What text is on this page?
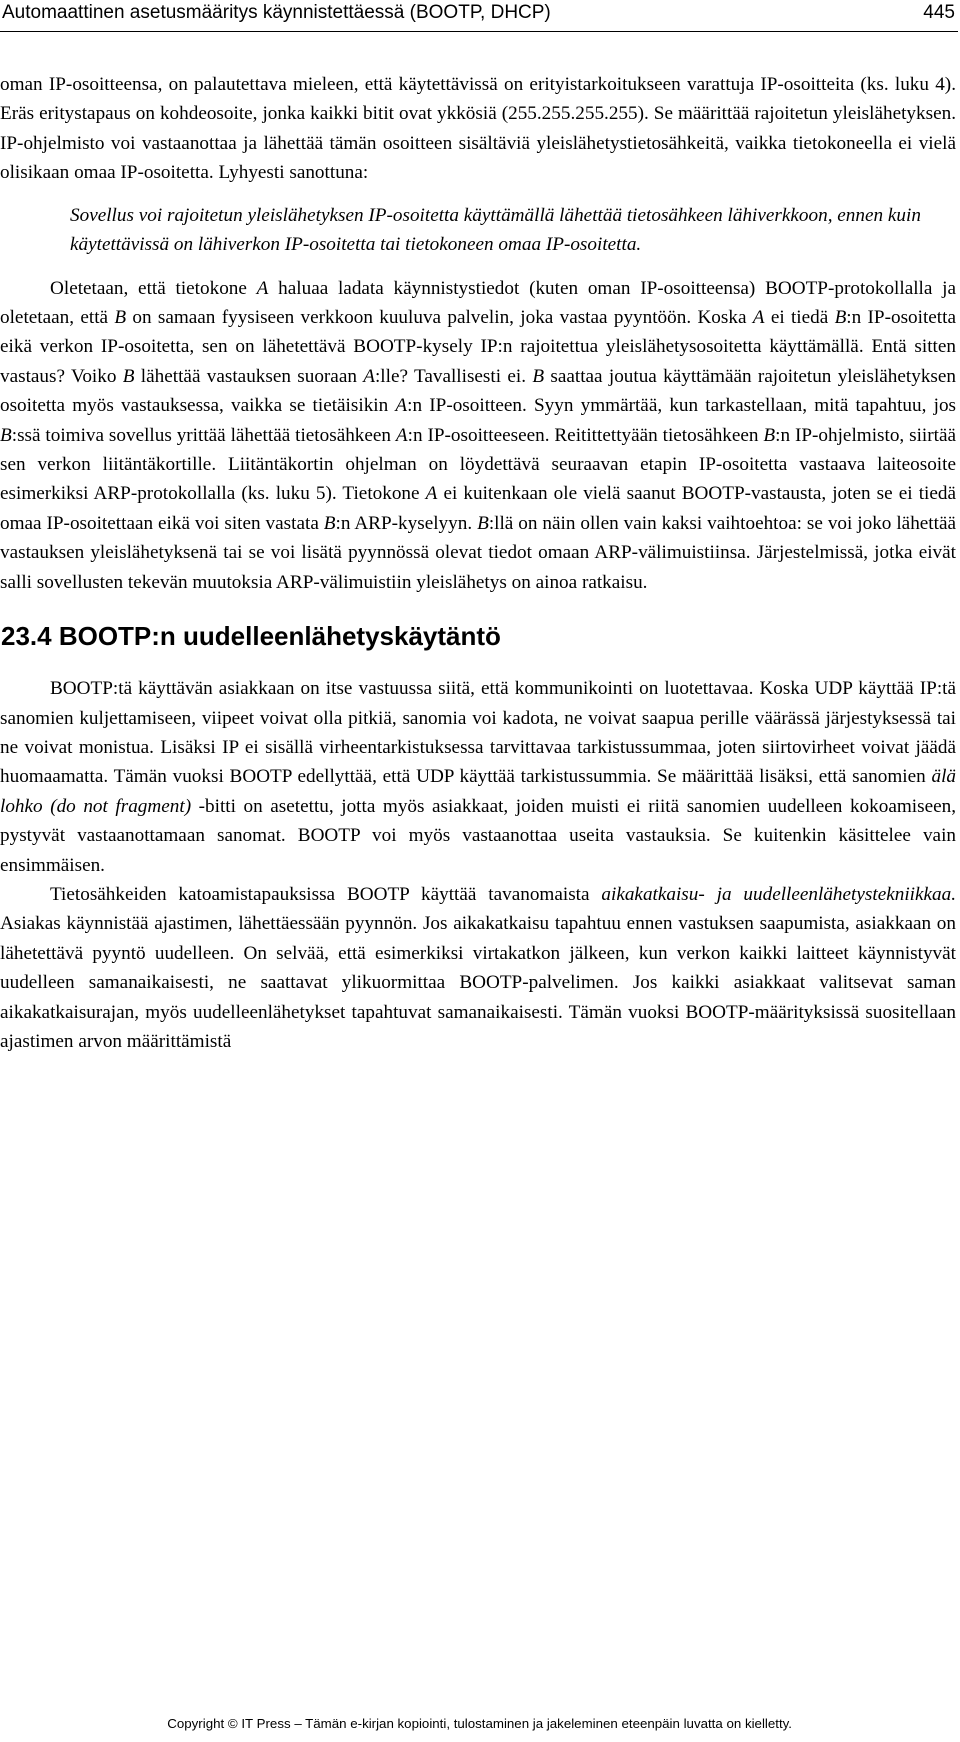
Automaattinen asetusmääritys käynnistettäessä (BOOTP, DHCP)	445

oman IP-osoitteensa, on palautettava mieleen, että käytettävissä on erityistarkoitukseen varattuja IP-osoitteita (ks. luku 4). Eräs eritystapaus on kohdeosoite, jonka kaikki bitit ovat ykkösiä (255.255.255.255). Se määrittää rajoitetun yleislähetyksen. IP-ohjelmisto voi vastaanottaa ja lähettää tämän osoitteen sisältäviä yleislähetystietosähkeitä, vaikka tietokoneella ei vielä olisikaan omaa IP-osoitetta. Lyhyesti sanottuna:

Sovellus voi rajoitetun yleislähetyksen IP-osoitetta käyttämällä lähettää tietosähkeen lähiverkkoon, ennen kuin käytettävissä on lähiverkon IP-osoitetta tai tietokoneen omaa IP-osoitetta.

Oletetaan, että tietokone A haluaa ladata käynnistystiedot (kuten oman IP-osoitteensa) BOOTP-protokollalla ja oletetaan, että B on samaan fyysiseen verkkoon kuuluva palvelin, joka vastaa pyyntöön. Koska A ei tiedä B:n IP-osoitetta eikä verkon IP-osoitetta, sen on lähetettävä BOOTP-kysely IP:n rajoitettua yleislähetysosoitetta käyttämällä. Entä sitten vastaus? Voiko B lähettää vastauksen suoraan A:lle? Tavallisesti ei. B saattaa joutua käyttämään rajoitetun yleislähetyksen osoitetta myös vastauksessa, vaikka se tietäisikin A:n IP-osoitteen. Syyn ymmärtää, kun tarkastellaan, mitä tapahtuu, jos B:ssä toimiva sovellus yrittää lähettää tietosähkeen A:n IP-osoitteeseen. Reitittettyään tietosähkeen B:n IP-ohjelmisto, siirtää sen verkon liitäntäkortille. Liitäntäkortin ohjelman on löydettävä seuraavan etapin IP-osoitetta vastaava laiteosoite esimerkiksi ARP-protokollalla (ks. luku 5). Tietokone A ei kuitenkaan ole vielä saanut BOOTP-vastausta, joten se ei tiedä omaa IP-osoitettaan eikä voi siten vastata B:n ARP-kyselyyn. B:llä on näin ollen vain kaksi vaihtoehtoa: se voi joko lähettää vastauksen yleislähetyksenä tai se voi lisätä pyynnössä olevat tiedot omaan ARP-välimuistiinsa. Järjestelmissä, jotka eivät salli sovellusten tekevän muutoksia ARP-välimuistiin yleislähetys on ainoa ratkaisu.

23.4 BOOTP:n uudelleenlähetyskäytäntö

BOOTP:tä käyttävän asiakkaan on itse vastuussa siitä, että kommunikointi on luotettavaa. Koska UDP käyttää IP:tä sanomien kuljettamiseen, viipeet voivat olla pitkiä, sanomia voi kadota, ne voivat saapua perille väärässä järjestyksessä tai ne voivat monistua. Lisäksi IP ei sisällä virheentarkistuksessa tarvittavaa tarkistussummaa, joten siirtovirheet voivat jäädä huomaamatta. Tämän vuoksi BOOTP edellyttää, että UDP käyttää tarkistussummia. Se määrittää lisäksi, että sanomien älä lohko (do not fragment) -bitti on asetettu, jotta myös asiakkaat, joiden muisti ei riitä sanomien uudelleen kokoamiseen, pystyvät vastaanottamaan sanomat. BOOTP voi myös vastaanottaa useita vastauksia. Se kuitenkin käsittelee vain ensimmäisen.

Tietosähkeiden katoamistapauksissa BOOTP käyttää tavanomaista aikakatkaisu- ja uudelleenlähetystekniikkaa. Asiakas käynnistää ajastimen, lähettäessään pyynnön. Jos aikakatkaisu tapahtuu ennen vastuksen saapumista, asiakkaan on lähetettävä pyyntö uudelleen. On selvää, että esimerkiksi virtakatkon jälkeen, kun verkon kaikki laitteet käynnistyvät uudelleen samanaikaisesti, ne saattavat ylikuormittaa BOOTP-palvelimen. Jos kaikki asiakkaat valitsevat saman aikakatkaisurajan, myös uudelleenlähetykset tapahtuvat samanaikaisesti. Tämän vuoksi BOOTP-määrityksissä suositellaan ajastimen arvon määrittämistä

Copyright © IT Press – Tämän e-kirjan kopiointi, tulostaminen ja jakeleminen eteenpäin luvatta on kielletty.
